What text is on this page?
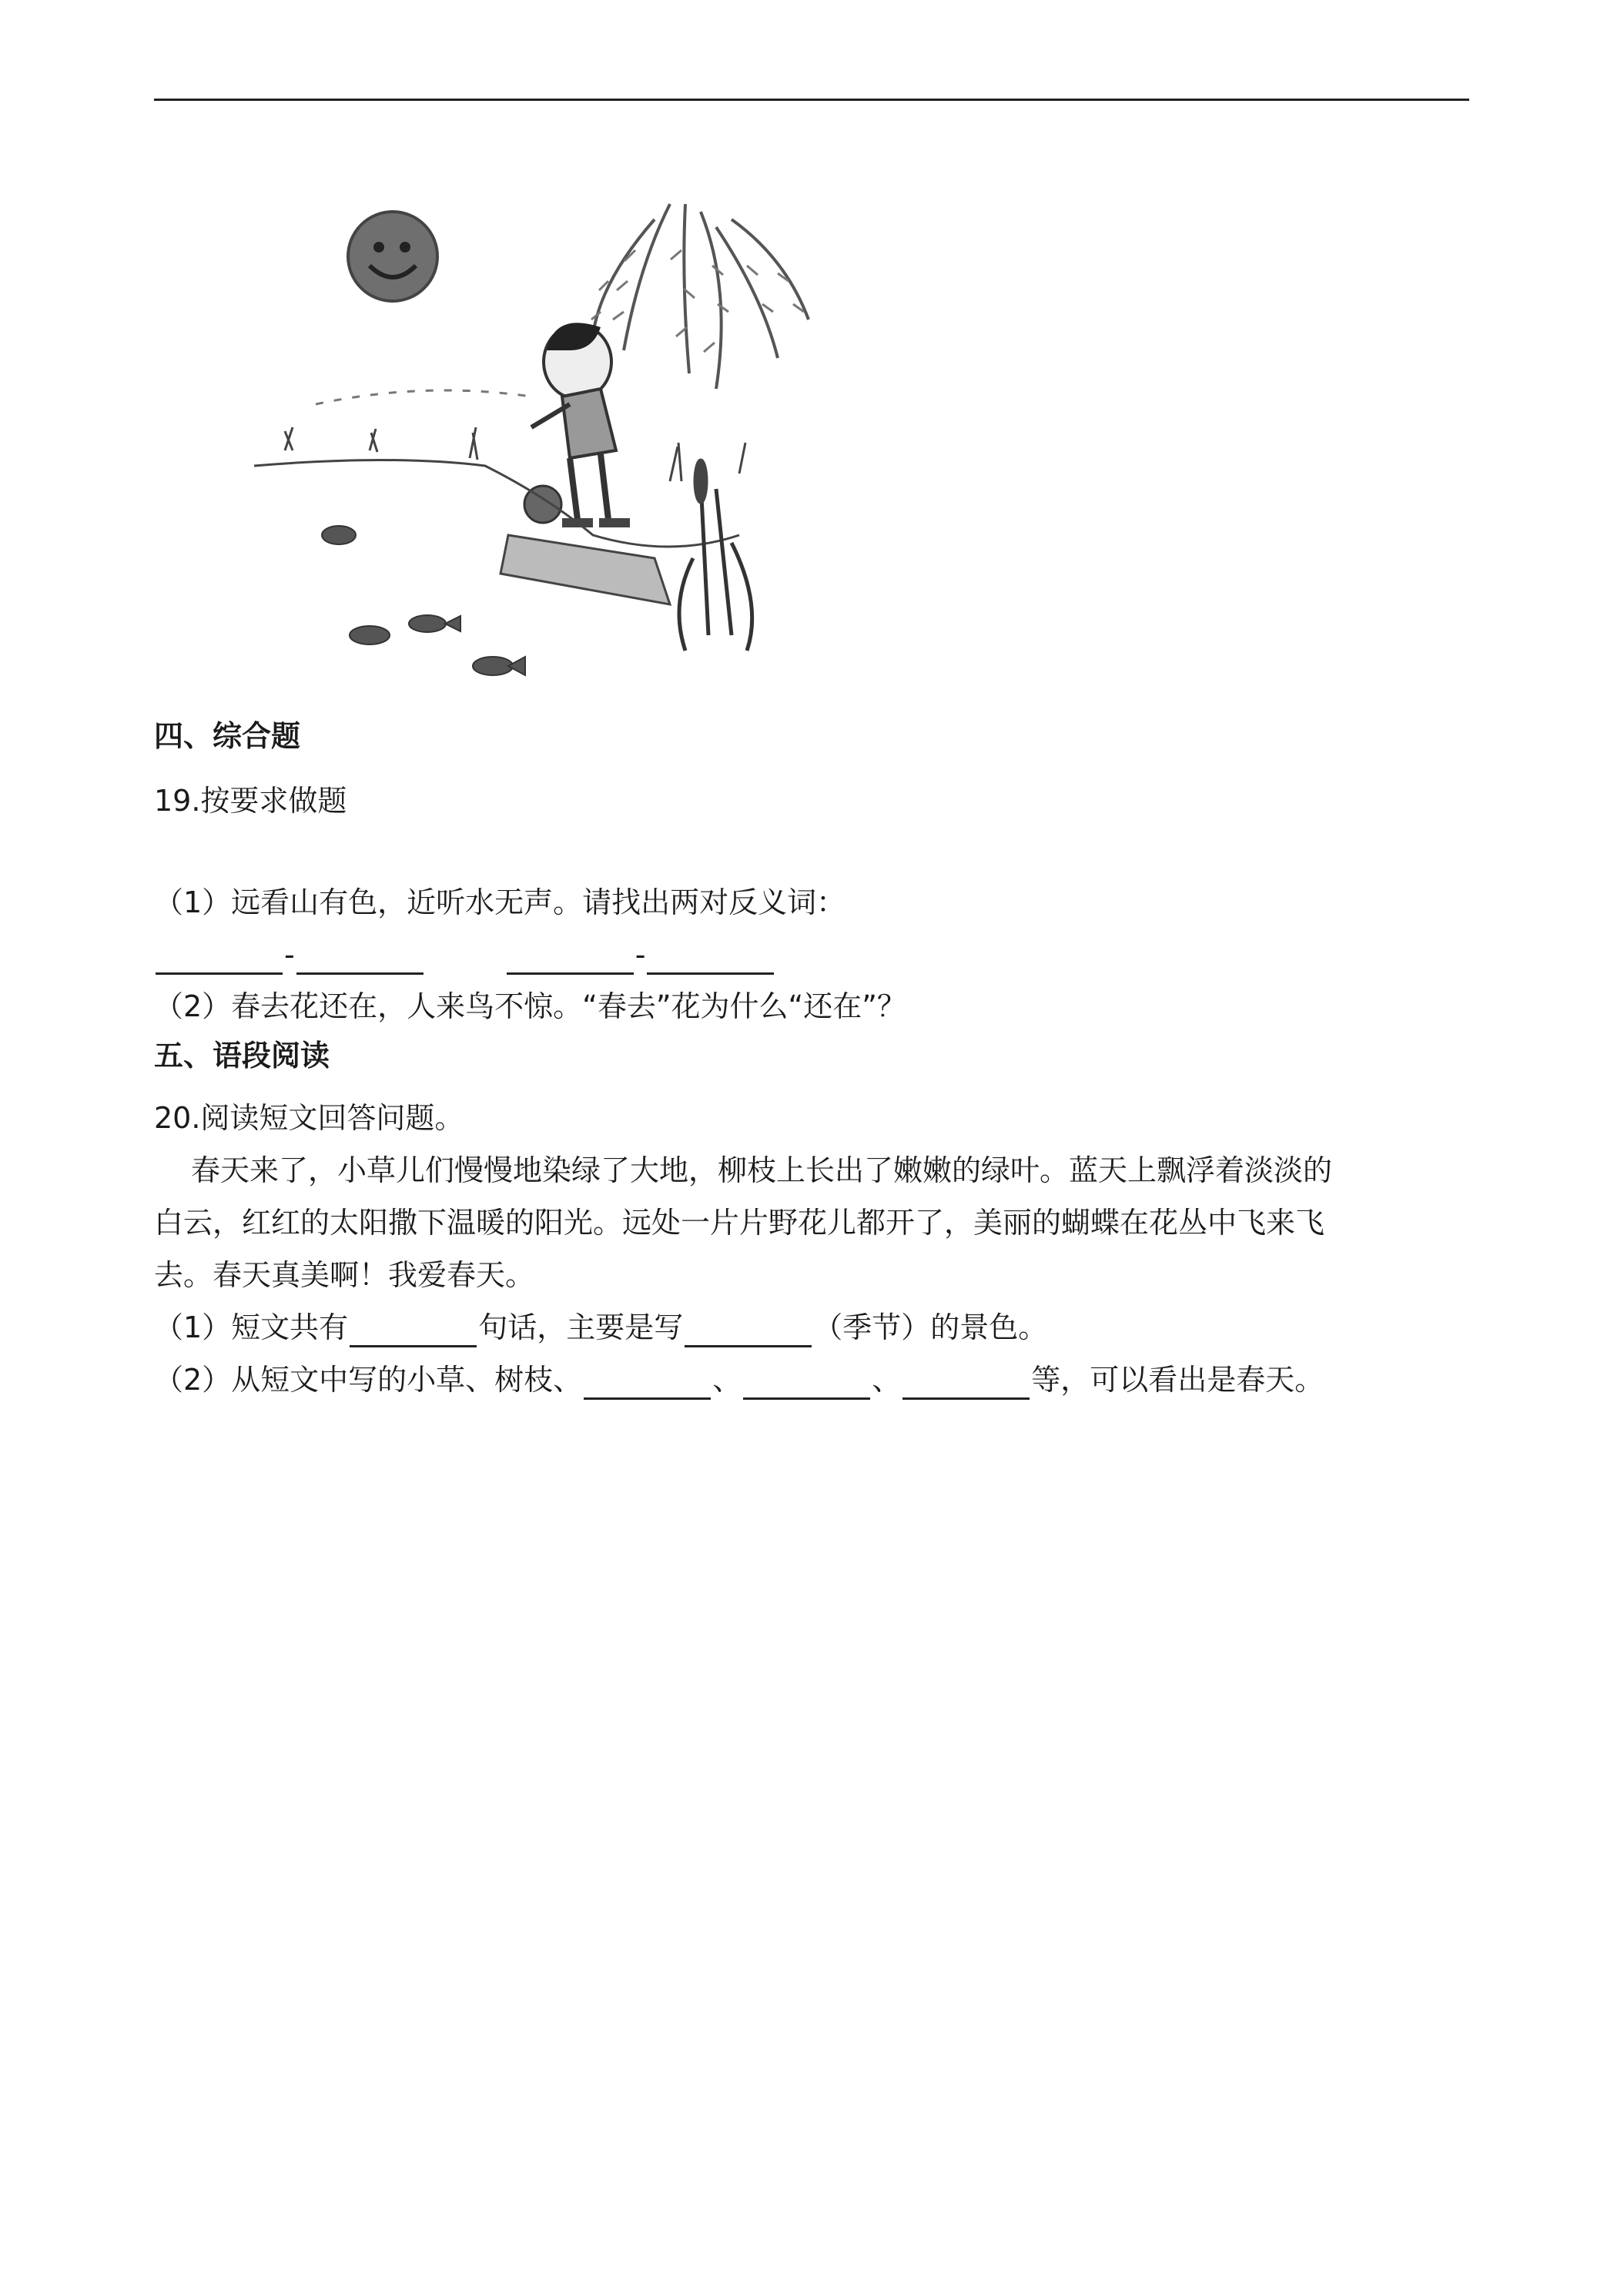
四、综合题
19.按要求做题
（1）远看山有色，近听水无声。请找出两对反义词：
-	-
（2）春去花还在，人来鸟不惊。“春去”花为什么“还在”？
五、语段阅读
20.阅读短文回答问题。
春天来了，小草儿们慢慢地染绿了大地，柳枝上长出了嫩嫩的绿叶。蓝天上飘浮着淡淡的
白云，红红的太阳撒下温暖的阳光。远处一片片野花儿都开了，美丽的蝴蝶在花丛中飞来飞
去。春天真美啊！我爱春天。
（1）短文共有	句话，主要是写	（季节）的景色。
（2）从短文中写的小草、树枝、	、	、	等，可以看出是春天。
